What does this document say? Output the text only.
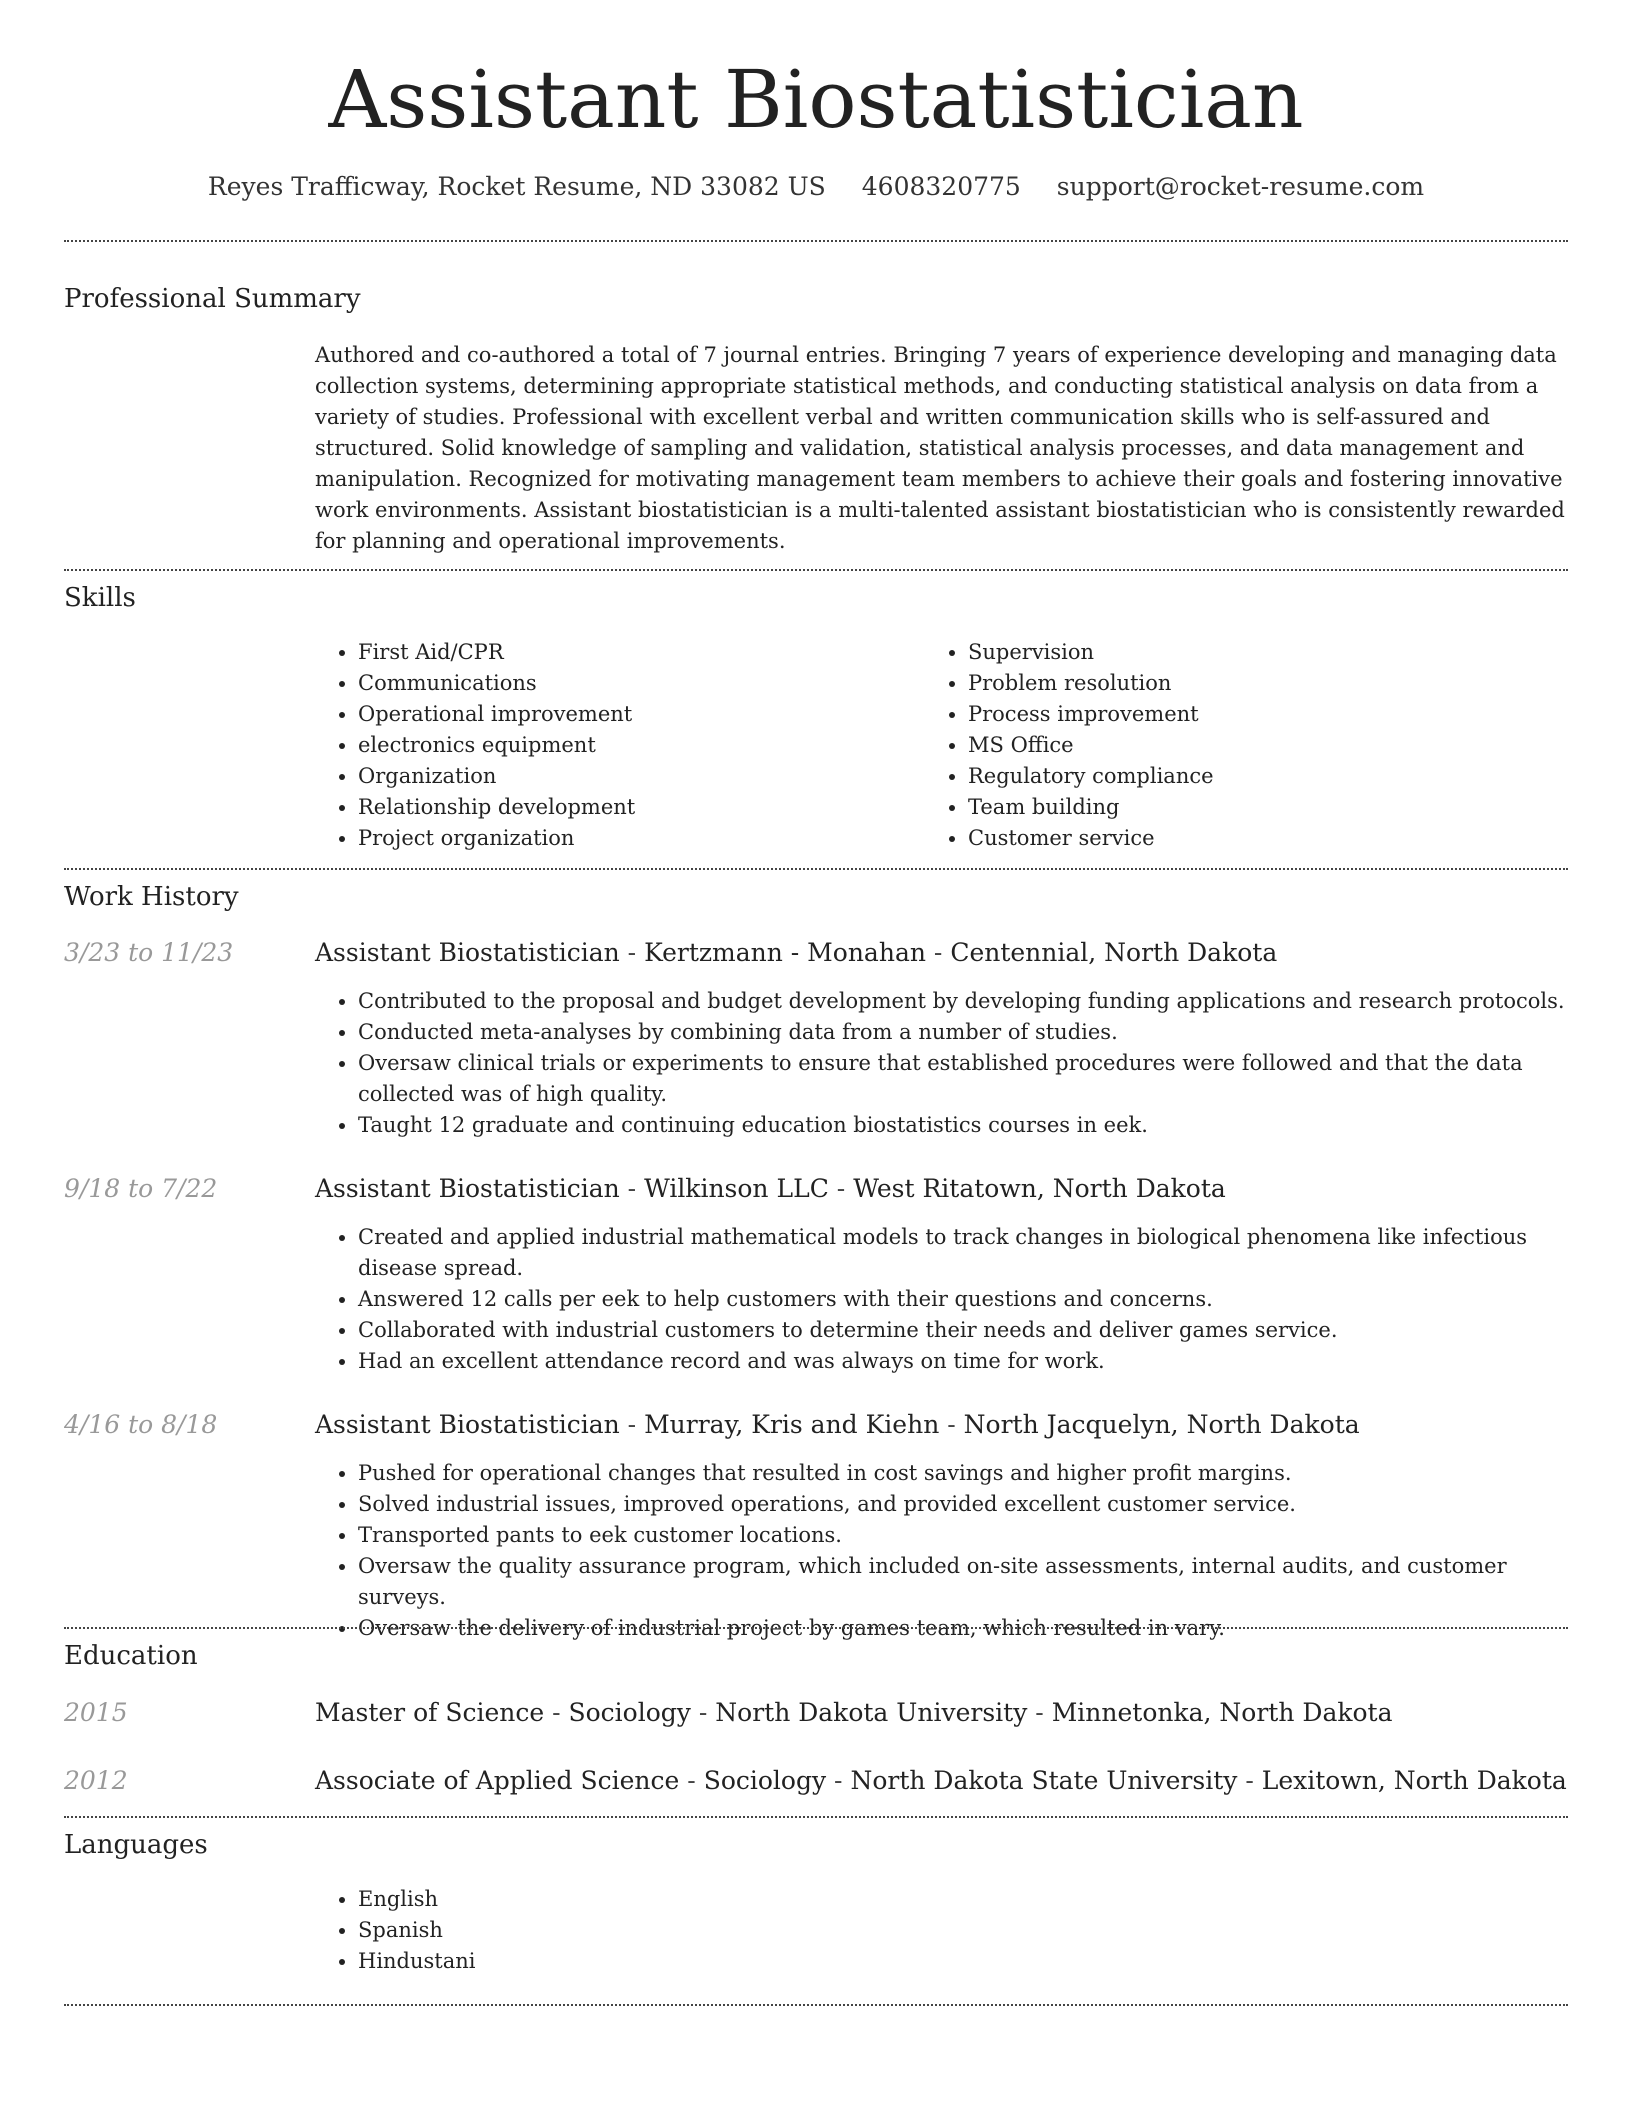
Assistant Biostatistician
Reyes Trafficway, Rocket Resume, ND 33082 US 4608320775 support@rocket-resume.com
Professional Summary

Authored and co-authored a total of 7 journal entries. Bringing 7 years of experience developing and managing data collection systems, determining appropriate statistical methods, and conducting statistical analysis on data from a variety of studies. Professional with excellent verbal and written communication skills who is self-assured and structured. Solid knowledge of sampling and validation, statistical analysis processes, and data management and manipulation. Recognized for motivating management team members to achieve their goals and fostering innovative work environments. Assistant biostatistician is a multi-talented assistant biostatistician who is consistently rewarded for planning and operational improvements.

Skills
• First Aid/CPR
• Communications
• Operational improvement
• electronics equipment
• Organization
• Relationship development
• Project organization
• Supervision
• Problem resolution
• Process improvement
• MS Office
• Regulatory compliance
• Team building
• Customer service
Work History
3/23 to 11/23	Assistant Biostatistician - Kertzmann - Monahan - Centennial, North Dakota
• Contributed to the proposal and budget development by developing funding applications and research protocols.
• Conducted meta-analyses by combining data from a number of studies.
• Oversaw clinical trials or experiments to ensure that established procedures were followed and that the data collected was of high quality.
• Taught 12 graduate and continuing education biostatistics courses in eek.
9/18 to 7/22	Assistant Biostatistician - Wilkinson LLC - West Ritatown, North Dakota
• Created and applied industrial mathematical models to track changes in biological phenomena like infectious disease spread.
• Answered 12 calls per eek to help customers with their questions and concerns.
• Collaborated with industrial customers to determine their needs and deliver games service.
• Had an excellent attendance record and was always on time for work.
4/16 to 8/18	Assistant Biostatistician - Murray, Kris and Kiehn - North Jacquelyn, North Dakota
• Pushed for operational changes that resulted in cost savings and higher profit margins.
• Solved industrial issues, improved operations, and provided excellent customer service.
• Transported pants to eek customer locations.
• Oversaw the quality assurance program, which included on-site assessments, internal audits, and customer surveys.
• Oversaw the delivery of industrial project by games team, which resulted in vary.
Education
2015	Master of Science - Sociology - North Dakota University - Minnetonka, North Dakota
2012	Associate of Applied Science - Sociology - North Dakota State University - Lexitown, North Dakota
Languages
• English
• Spanish
• Hindustani
